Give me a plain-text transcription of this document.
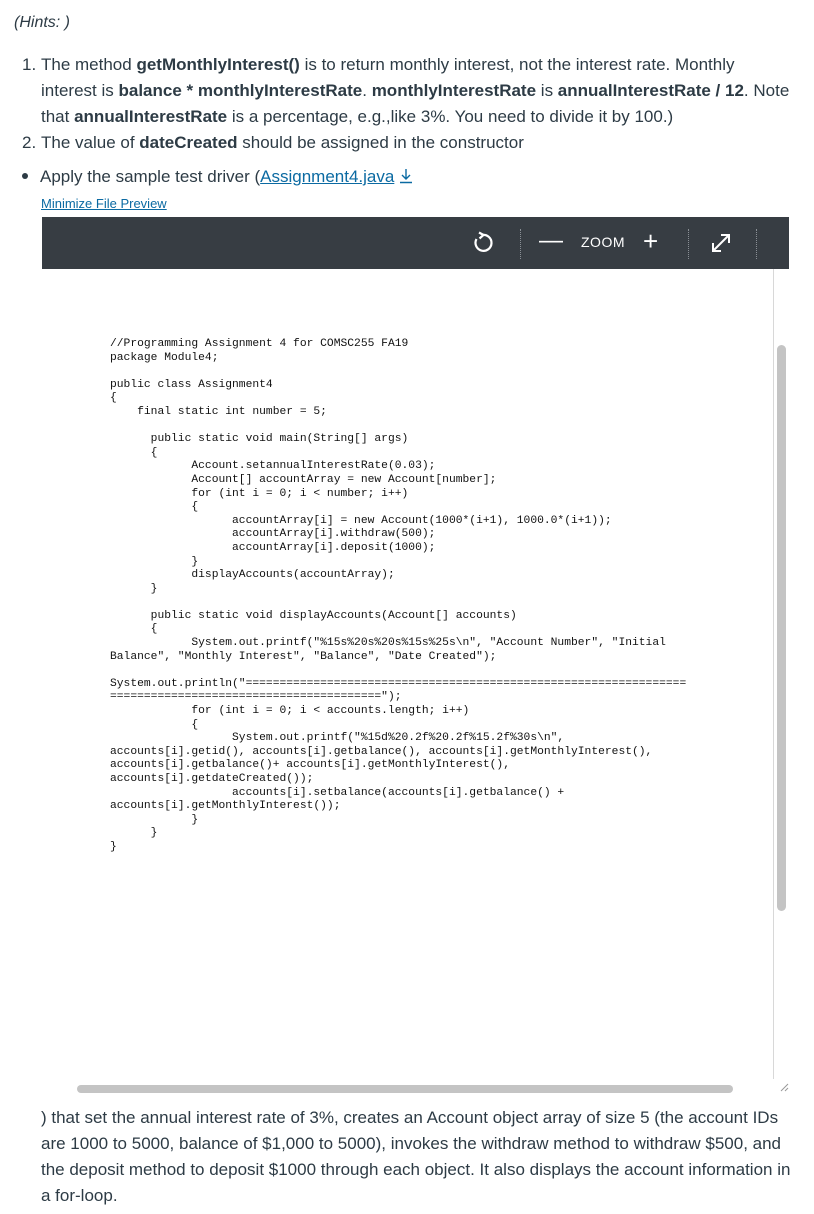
(Hints: )
1. The method getMonthlyInterest() is to return monthly interest, not the interest rate. Monthly interest is balance * monthlyInterestRate. monthlyInterestRate is annualInterestRate / 12. Note that annualInterestRate is a percentage, e.g.,like 3%. You need to divide it by 100.)
2. The value of dateCreated should be assigned in the constructor
Apply the sample test driver (Assignment4.java
Minimize File Preview
— ZOOM +
//Programming Assignment 4 for COMSC255 FA19
package Module4;

public class Assignment4
{
final static int number = 5;

public static void main(String[] args)
{
Account.setannualInterestRate(0.03);
Account[] accountArray = new Account[number];
for (int i = 0; i < number; i++)
{
accountArray[i] = new Account(1000*(i+1), 1000.0*(i+1));
accountArray[i].withdraw(500);
accountArray[i].deposit(1000);
}
displayAccounts(accountArray);
}

public static void displayAccounts(Account[] accounts)
{
System.out.printf("%15s%20s%20s%15s%25s\n", "Account Number", "Initial
Balance", "Monthly Interest", "Balance", "Date Created");

System.out.println("=================================================================
========================================");
for (int i = 0; i < accounts.length; i++)
{
System.out.printf("%15d%20.2f%20.2f%15.2f%30s\n",
accounts[i].getid(), accounts[i].getbalance(), accounts[i].getMonthlyInterest(),
accounts[i].getbalance()+ accounts[i].getMonthlyInterest(),
accounts[i].getdateCreated());
accounts[i].setbalance(accounts[i].getbalance() +
accounts[i].getMonthlyInterest());
}
}
}
) that set the annual interest rate of 3%, creates an Account object array of size 5 (the account IDs are 1000 to 5000, balance of $1,000 to 5000), invokes the withdraw method to withdraw $500, and the deposit method to deposit $1000 through each object. It also displays the account information in a for-loop.
